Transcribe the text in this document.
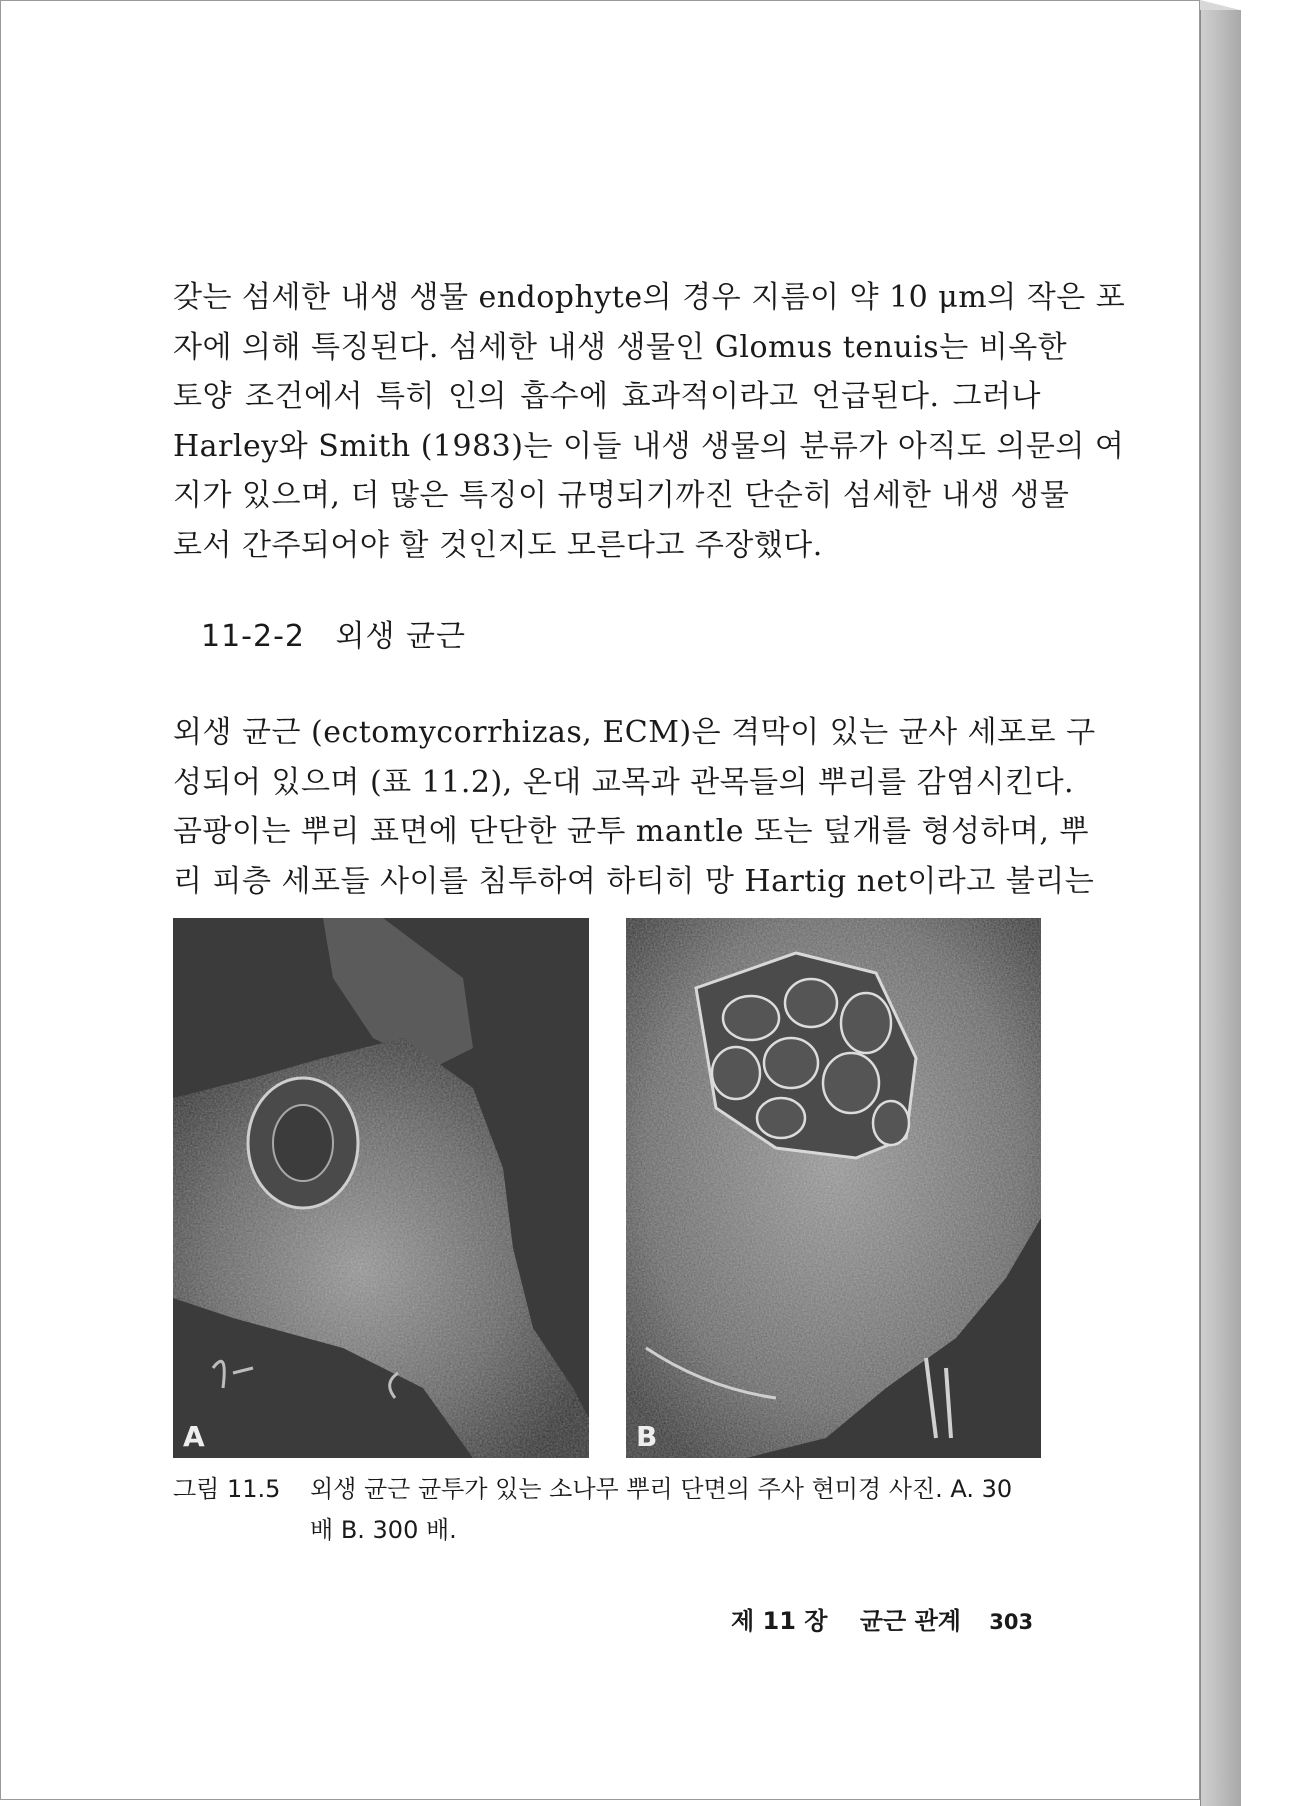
갖는 섬세한 내생 생물 endophyte의 경우 지름이 약 10 μm의 작은 포
자에 의해 특징된다. 섬세한 내생 생물인 Glomus tenuis는 비옥한
토양 조건에서 특히 인의 흡수에 효과적이라고 언급된다. 그러나
Harley와 Smith (1983)는 이들 내생 생물의 분류가 아직도 의문의 여
지가 있으며, 더 많은 특징이 규명되기까진 단순히 섬세한 내생 생물
로서 간주되어야 할 것인지도 모른다고 주장했다.

11-2-2 외생 균근

외생 균근 (ectomycorrhizas, ECM)은 격막이 있는 균사 세포로 구
성되어 있으며 (표 11.2), 온대 교목과 관목들의 뿌리를 감염시킨다.
곰팡이는 뿌리 표면에 단단한 균투 mantle 또는 덮개를 형성하며, 뿌
리 피층 세포들 사이를 침투하여 하티히 망 Hartig net이라고 불리는

A	B
그림 11.5 외생 균근 균투가 있는 소나무 뿌리 단면의 주사 현미경 사진. A. 30
배 B. 300 배.
제 11 장 균근 관계 303
